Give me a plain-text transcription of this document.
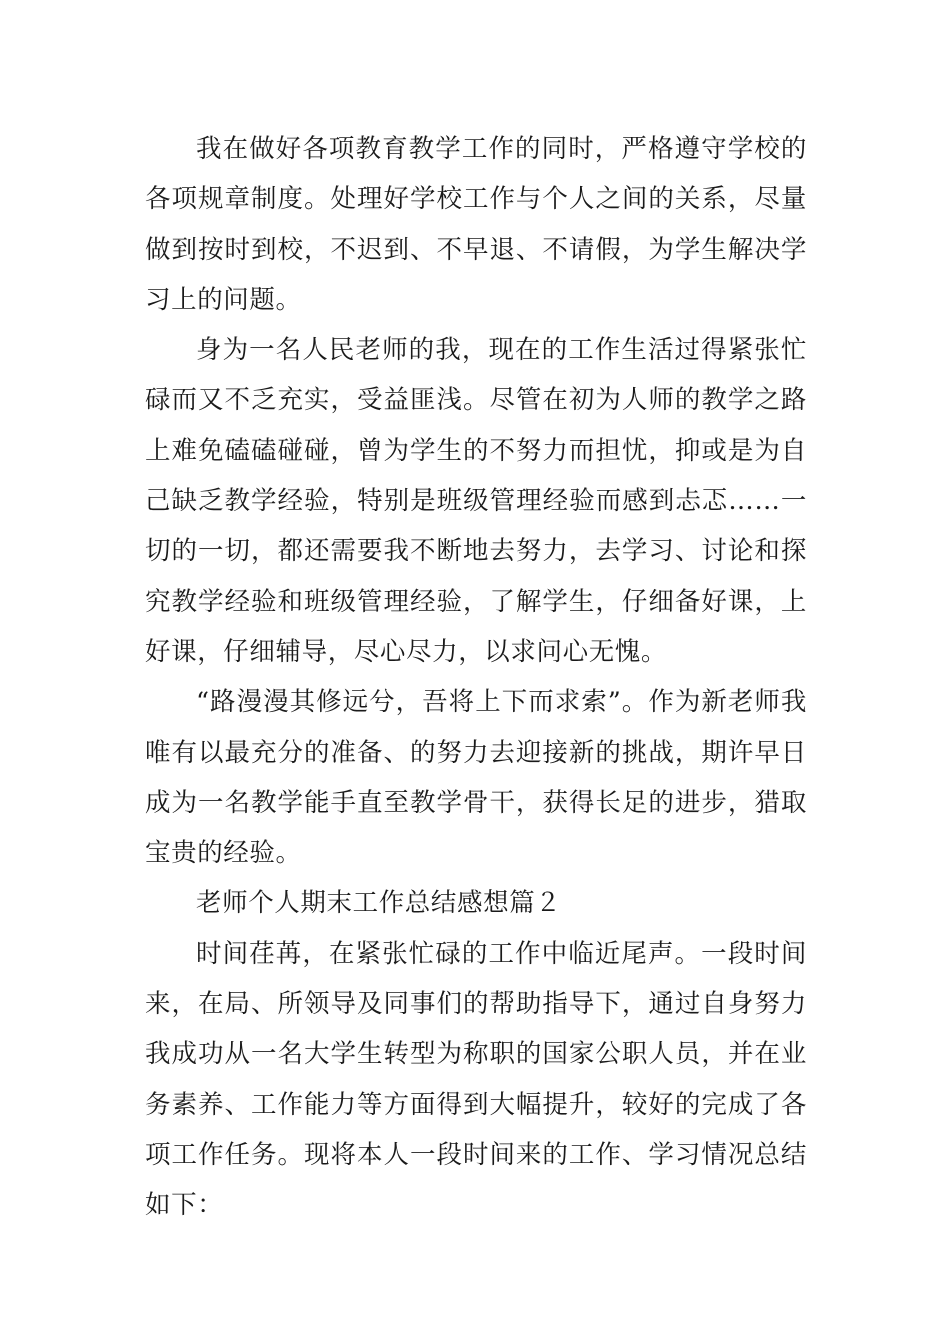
我在做好各项教育教学工作的同时，严格遵守学校的各项规章制度。处理好学校工作与个人之间的关系，尽量做到按时到校，不迟到、不早退、不请假，为学生解决学习上的问题。

身为一名人民老师的我，现在的工作生活过得紧张忙碌而又不乏充实，受益匪浅。尽管在初为人师的教学之路上难免磕磕碰碰，曾为学生的不努力而担忧，抑或是为自己缺乏教学经验，特别是班级管理经验而感到忐忑……一切的一切，都还需要我不断地去努力，去学习、讨论和探究教学经验和班级管理经验，了解学生，仔细备好课，上好课，仔细辅导，尽心尽力，以求问心无愧。

“路漫漫其修远兮，吾将上下而求索”。作为新老师我唯有以最充分的准备、的努力去迎接新的挑战，期许早日成为一名教学能手直至教学骨干，获得长足的进步，猎取宝贵的经验。

老师个人期末工作总结感想篇２

时间荏苒，在紧张忙碌的工作中临近尾声。一段时间来，在局、所领导及同事们的帮助指导下，通过自身努力我成功从一名大学生转型为称职的国家公职人员，并在业务素养、工作能力等方面得到大幅提升，较好的完成了各项工作任务。现将本人一段时间来的工作、学习情况总结如下：
